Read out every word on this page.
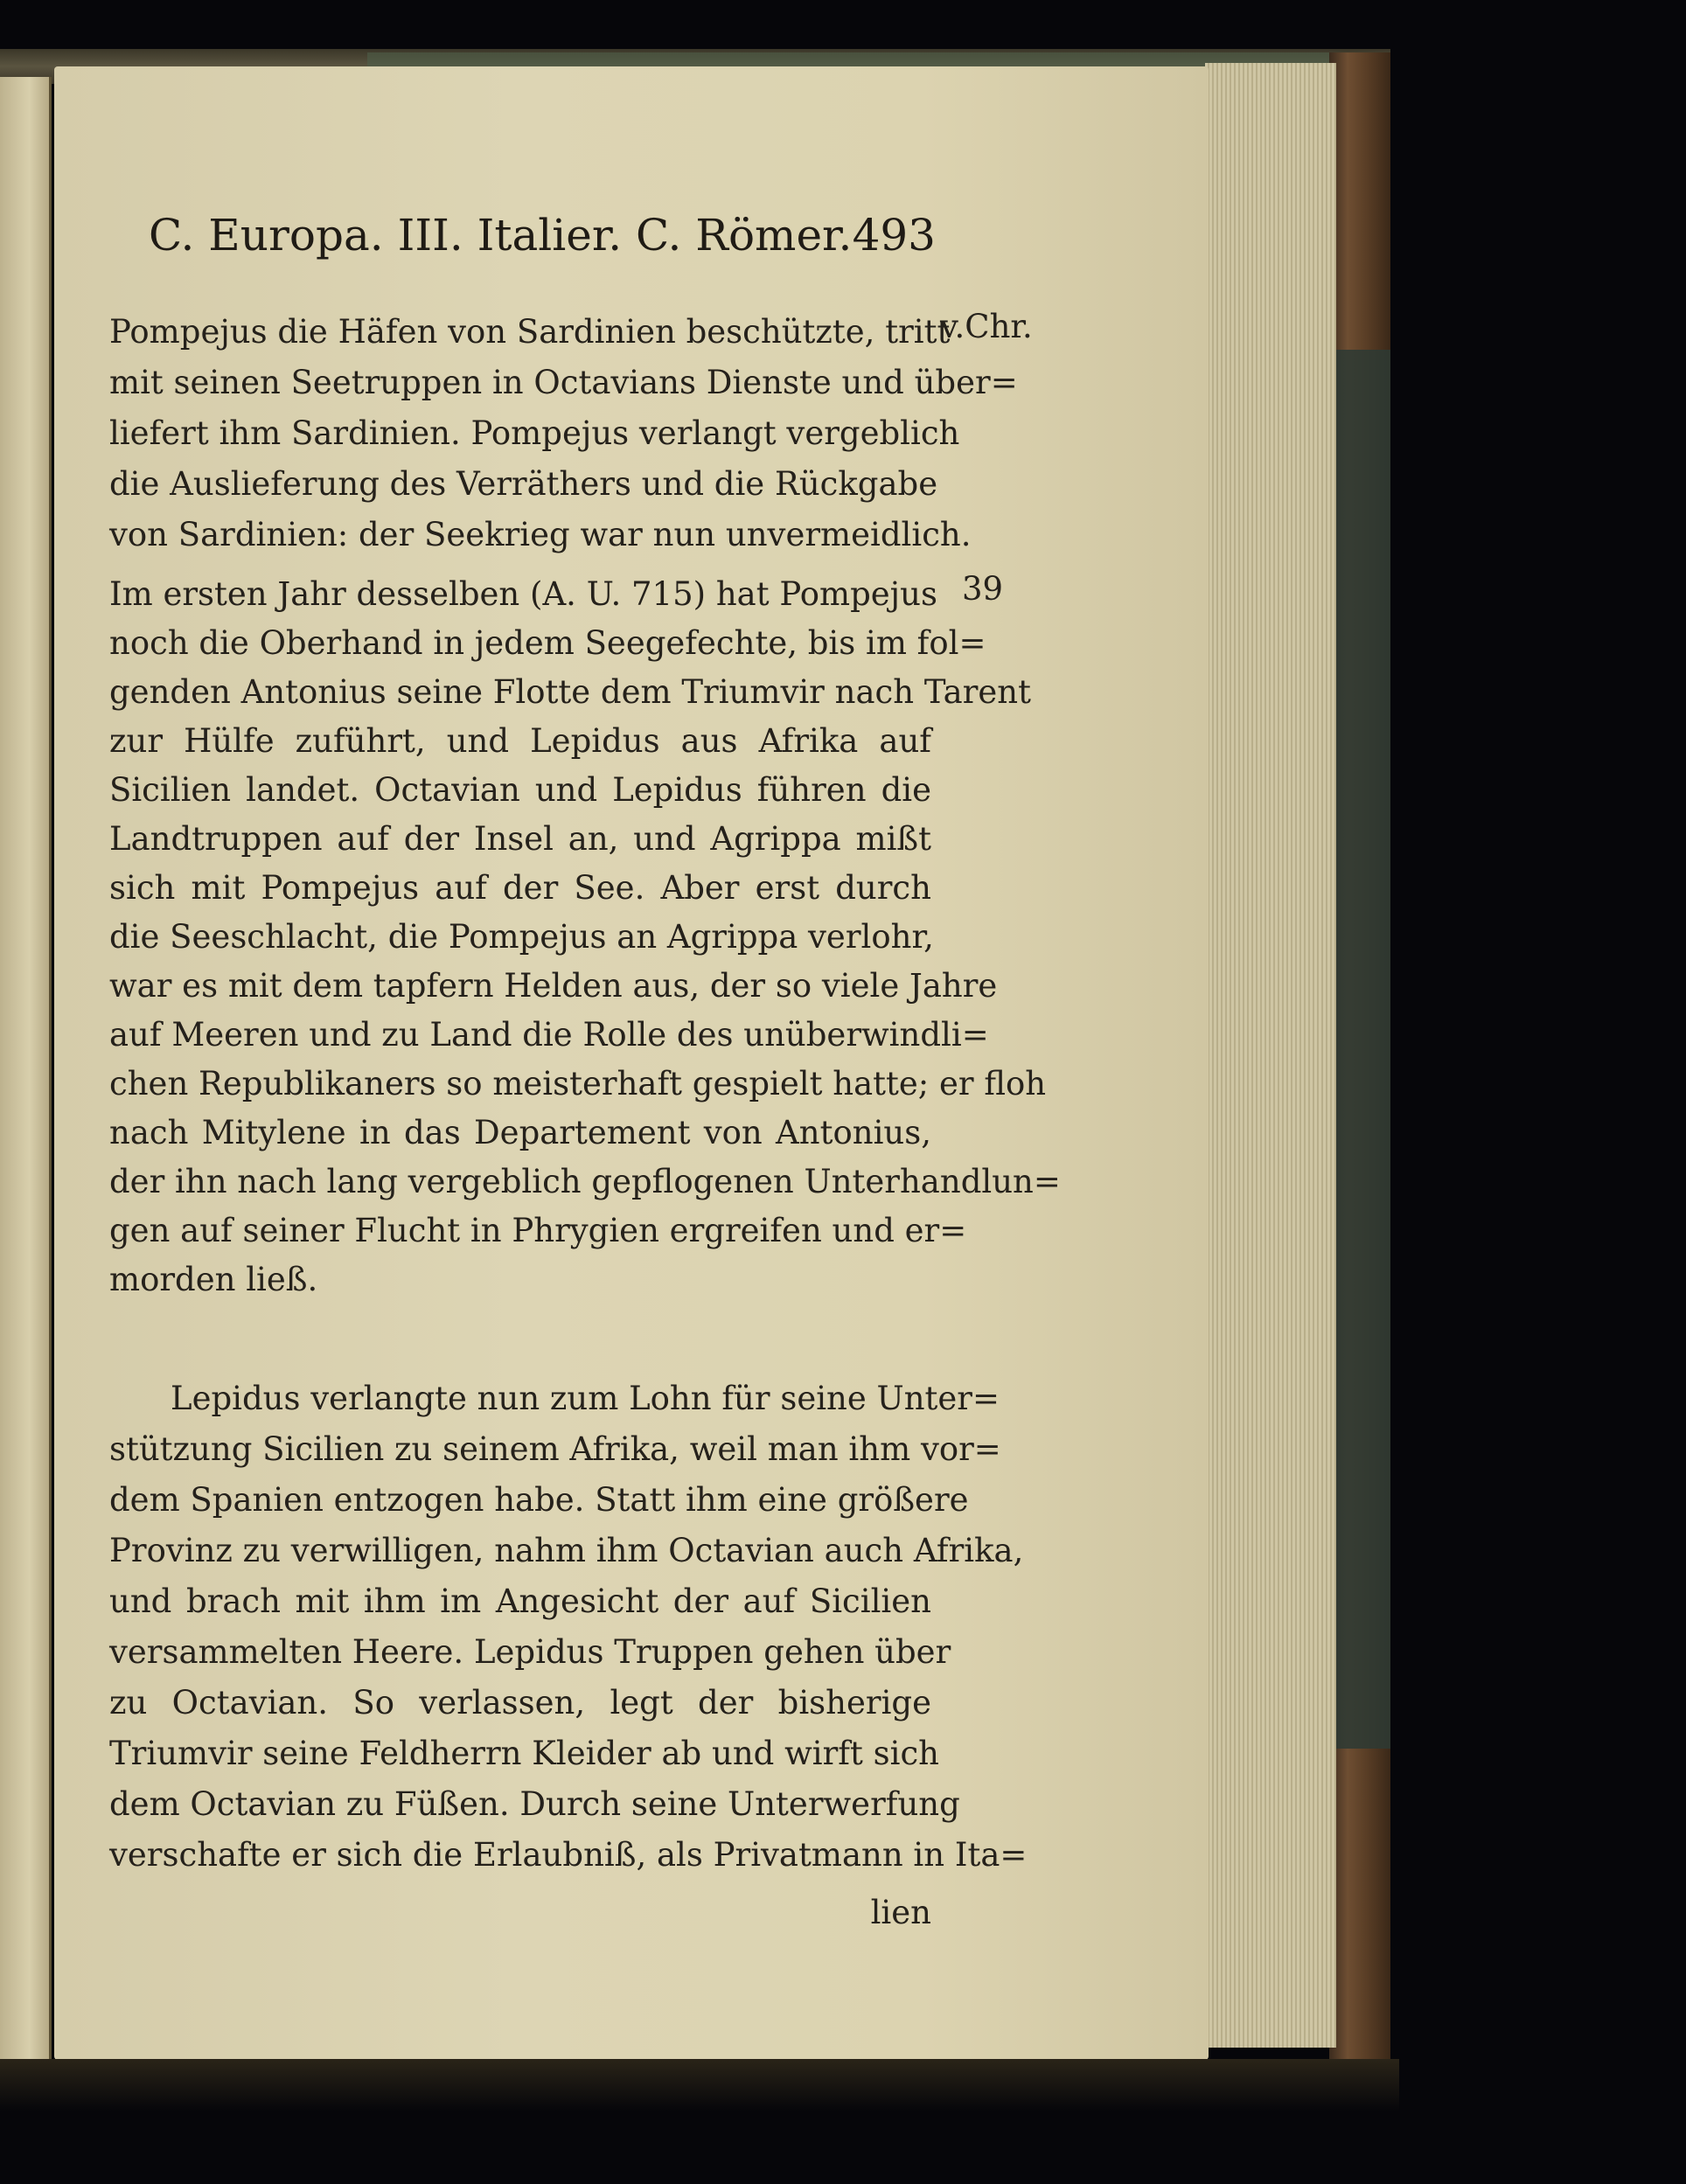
C. Europa. III. Italier. C. Römer. 493
v.Chr.
39
Pompejus die Häfen von Sardinien beschützte, tritt
mit seinen Seetruppen in Octavians Dienste und über=
liefert ihm Sardinien. Pompejus verlangt vergeblich
die Auslieferung des Verräthers und die Rückgabe
von Sardinien: der Seekrieg war nun unvermeidlich.
Im ersten Jahr desselben (A. U. 715) hat Pompejus
noch die Oberhand in jedem Seegefechte, bis im fol=
genden Antonius seine Flotte dem Triumvir nach Tarent
zur Hülfe zuführt, und Lepidus aus Afrika auf
Sicilien landet. Octavian und Lepidus führen die
Landtruppen auf der Insel an, und Agrippa mißt
sich mit Pompejus auf der See. Aber erst durch
die Seeschlacht, die Pompejus an Agrippa verlohr,
war es mit dem tapfern Helden aus, der so viele Jahre
auf Meeren und zu Land die Rolle des unüberwindli=
chen Republikaners so meisterhaft gespielt hatte; er floh
nach Mitylene in das Departement von Antonius,
der ihn nach lang vergeblich gepflogenen Unterhandlun=
gen auf seiner Flucht in Phrygien ergreifen und er=
morden ließ.
Lepidus verlangte nun zum Lohn für seine Unter=
stützung Sicilien zu seinem Afrika, weil man ihm vor=
dem Spanien entzogen habe. Statt ihm eine größere
Provinz zu verwilligen, nahm ihm Octavian auch Afrika,
und brach mit ihm im Angesicht der auf Sicilien
versammelten Heere. Lepidus Truppen gehen über
zu Octavian. So verlassen, legt der bisherige
Triumvir seine Feldherrn Kleider ab und wirft sich
dem Octavian zu Füßen. Durch seine Unterwerfung
verschafte er sich die Erlaubniß, als Privatmann in Ita=
lien
